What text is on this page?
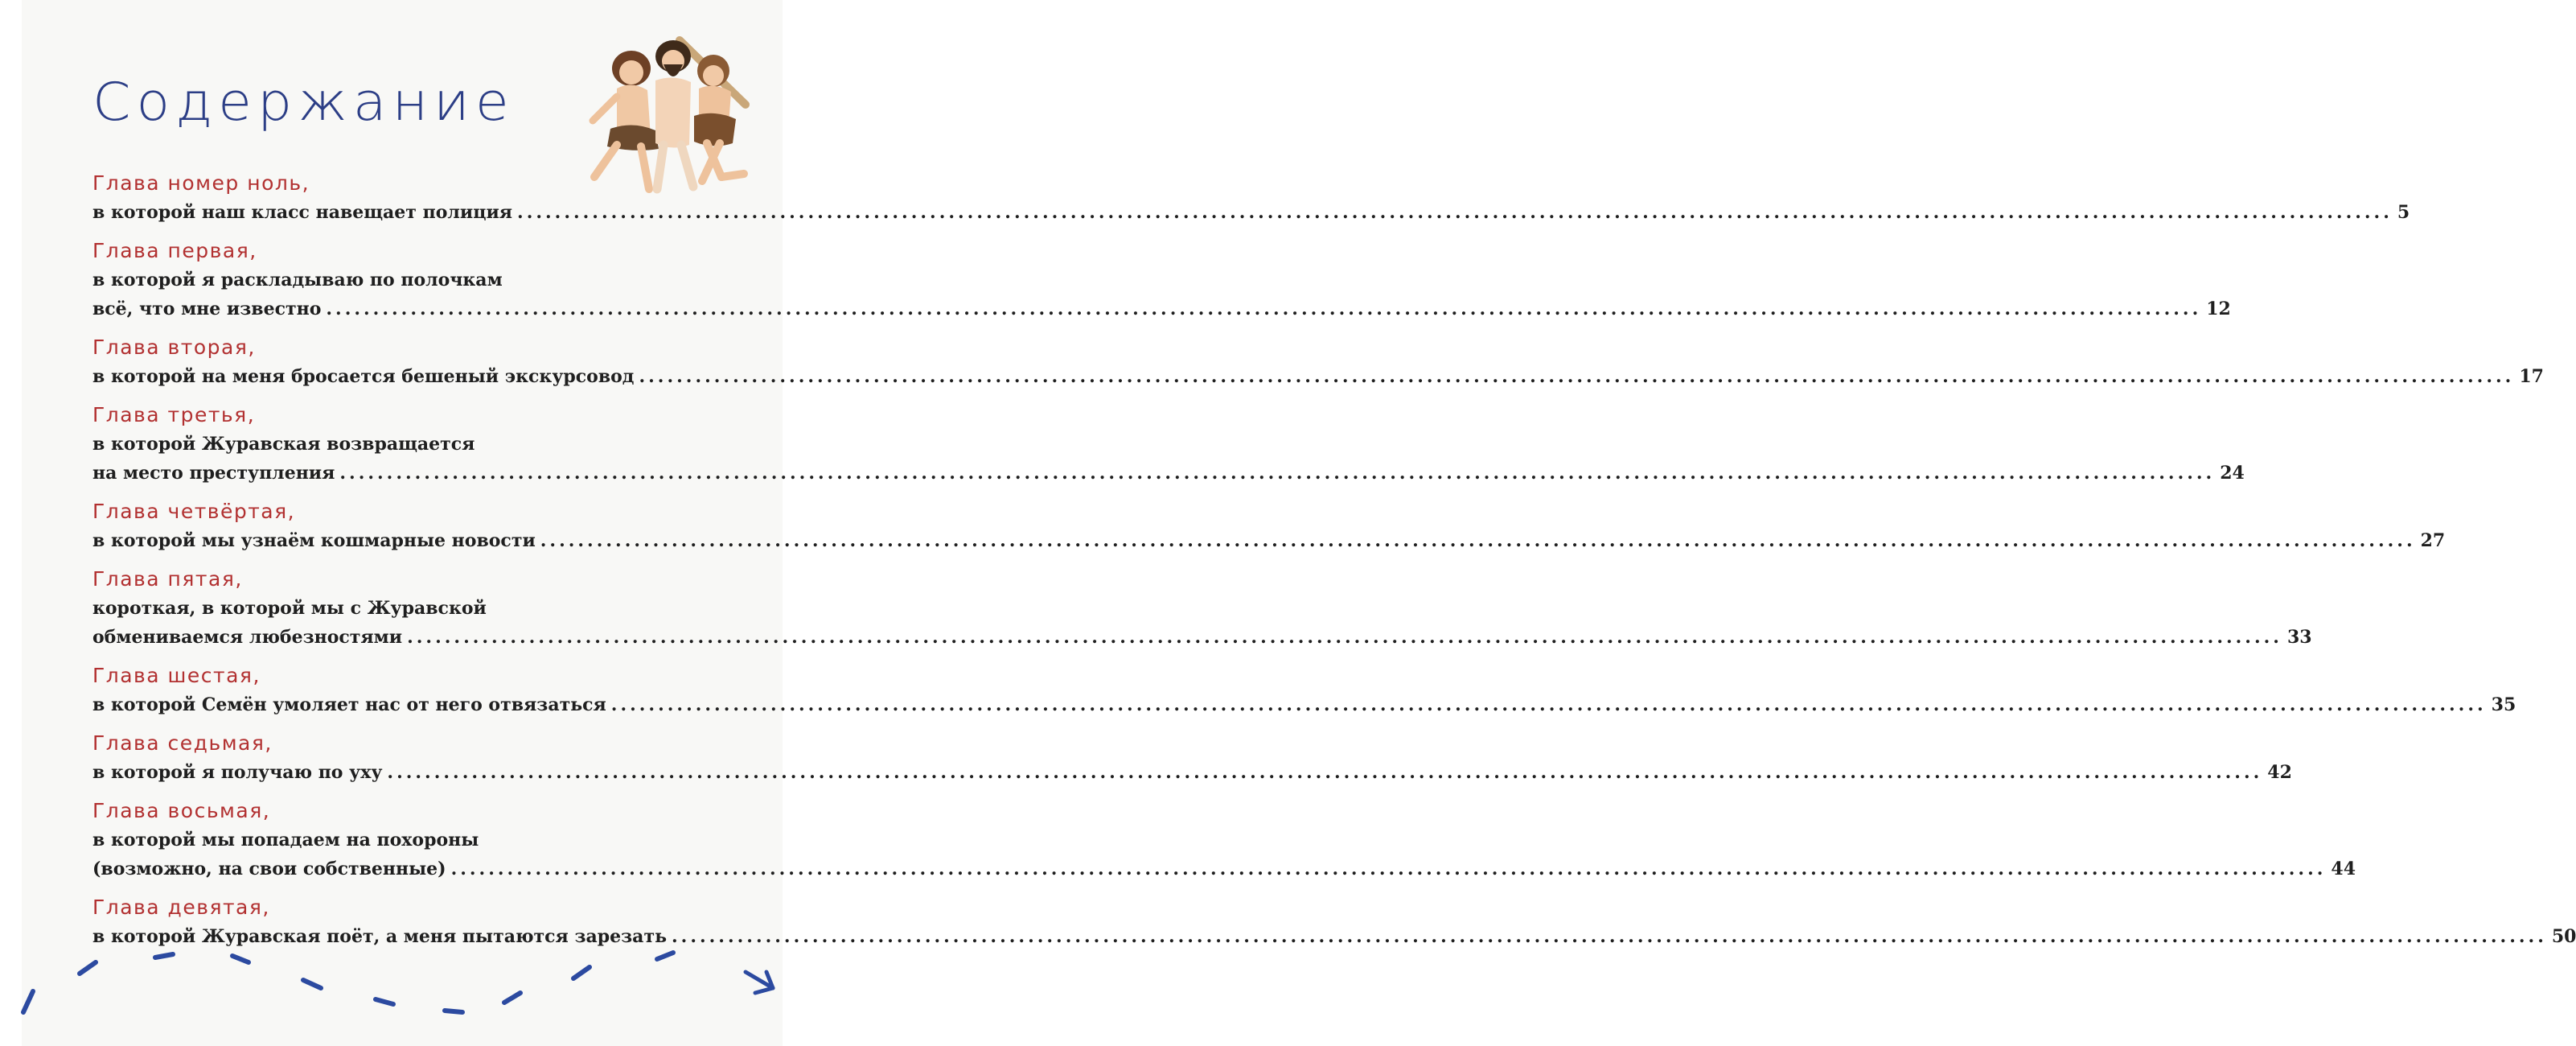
Содержание
Глава номер ноль,
в которой наш класс навещает полиция ........................................................................................................................................................................................................ 5
Глава первая,
в которой я раскладываю по полочкам
всё, что мне известно ........................................................................................................................................................................................................ 12
Глава вторая,
в которой на меня бросается бешеный экскурсовод ........................................................................................................................................................................................................ 17
Глава третья,
в которой Журавская возвращается
на место преступления ........................................................................................................................................................................................................ 24
Глава четвёртая,
в которой мы узнаём кошмарные новости ........................................................................................................................................................................................................ 27
Глава пятая,
короткая, в которой мы с Журавской
обмениваемся любезностями ........................................................................................................................................................................................................ 33
Глава шестая,
в которой Семён умоляет нас от него отвязаться ........................................................................................................................................................................................................ 35
Глава седьмая,
в которой я получаю по уху ........................................................................................................................................................................................................ 42
Глава восьмая,
в которой мы попадаем на похороны
(возможно, на свои собственные) ........................................................................................................................................................................................................ 44
Глава девятая,
в которой Журавская поёт, а меня пытаются зарезать ........................................................................................................................................................................................................ 50
